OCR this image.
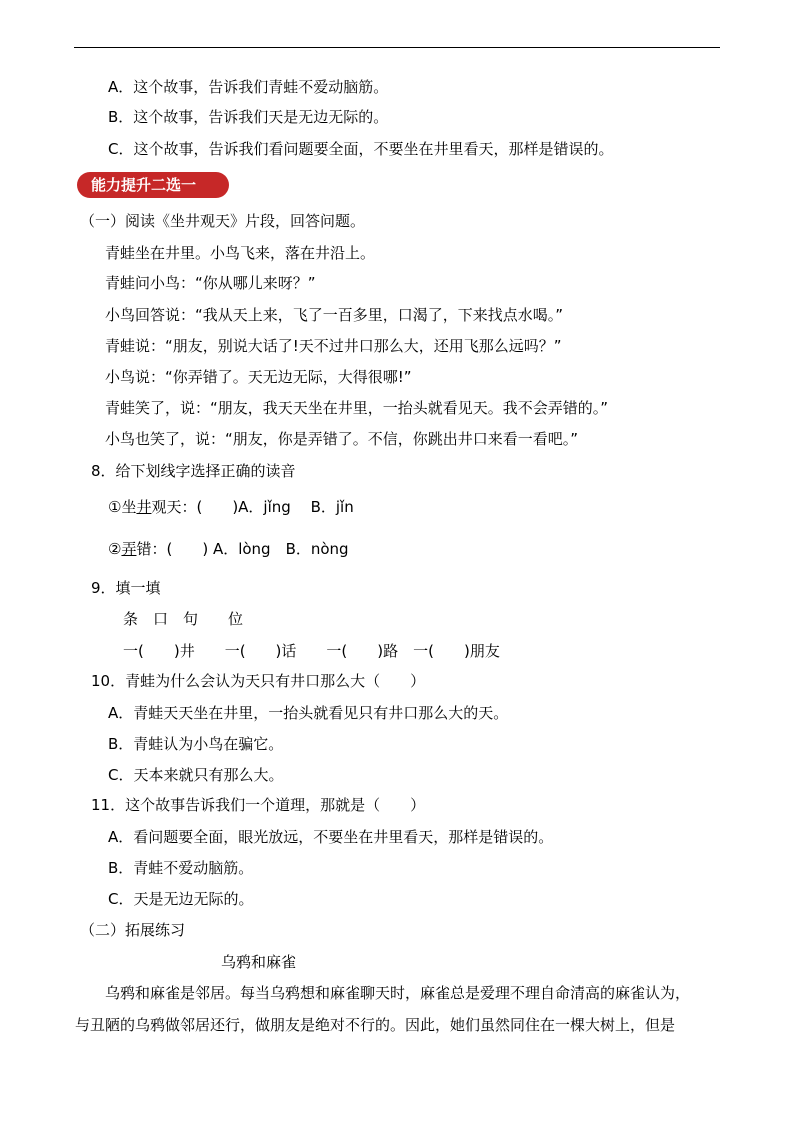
A．这个故事，告诉我们青蛙不爱动脑筋。
B．这个故事，告诉我们天是无边无际的。
C．这个故事，告诉我们看问题要全面，不要坐在井里看天，那样是错误的。
能力提升二选一
（一）阅读《坐井观天》片段，回答问题。
青蛙坐在井里。小鸟飞来，落在井沿上。
青蛙问小鸟：“你从哪儿来呀？”
小鸟回答说：“我从天上来，飞了一百多里，口渴了，下来找点水喝。”
青蛙说：“朋友，别说大话了!天不过井口那么大，还用飞那么远吗？”
小鸟说：“你弄错了。天无边无际，大得很哪!”
青蛙笑了，说：“朋友，我天天坐在井里，一抬头就看见天。我不会弄错的。”
小鸟也笑了，说：“朋友，你是弄错了。不信，你跳出井口来看一看吧。”
8．给下划线字选择正确的读音
①坐井观天：(　　)A．jǐng　 B．jǐn
②弄错：(　　) A．lòng　B．nòng
9．填一填
条　口　句　　位
一(　　)井　　一(　　)话　　一(　　)路　一(　　)朋友
10．青蛙为什么会认为天只有井口那么大（　　）
A．青蛙天天坐在井里，一抬头就看见只有井口那么大的天。
B．青蛙认为小鸟在骗它。
C．天本来就只有那么大。
11．这个故事告诉我们一个道理，那就是（　　）
A．看问题要全面，眼光放远，不要坐在井里看天，那样是错误的。
B．青蛙不爱动脑筋。
C．天是无边无际的。
（二）拓展练习
乌鸦和麻雀
乌鸦和麻雀是邻居。每当乌鸦想和麻雀聊天时，麻雀总是爱理不理自命清高的麻雀认为，
与丑陋的乌鸦做邻居还行，做朋友是绝对不行的。因此，她们虽然同住在一棵大树上，但是
